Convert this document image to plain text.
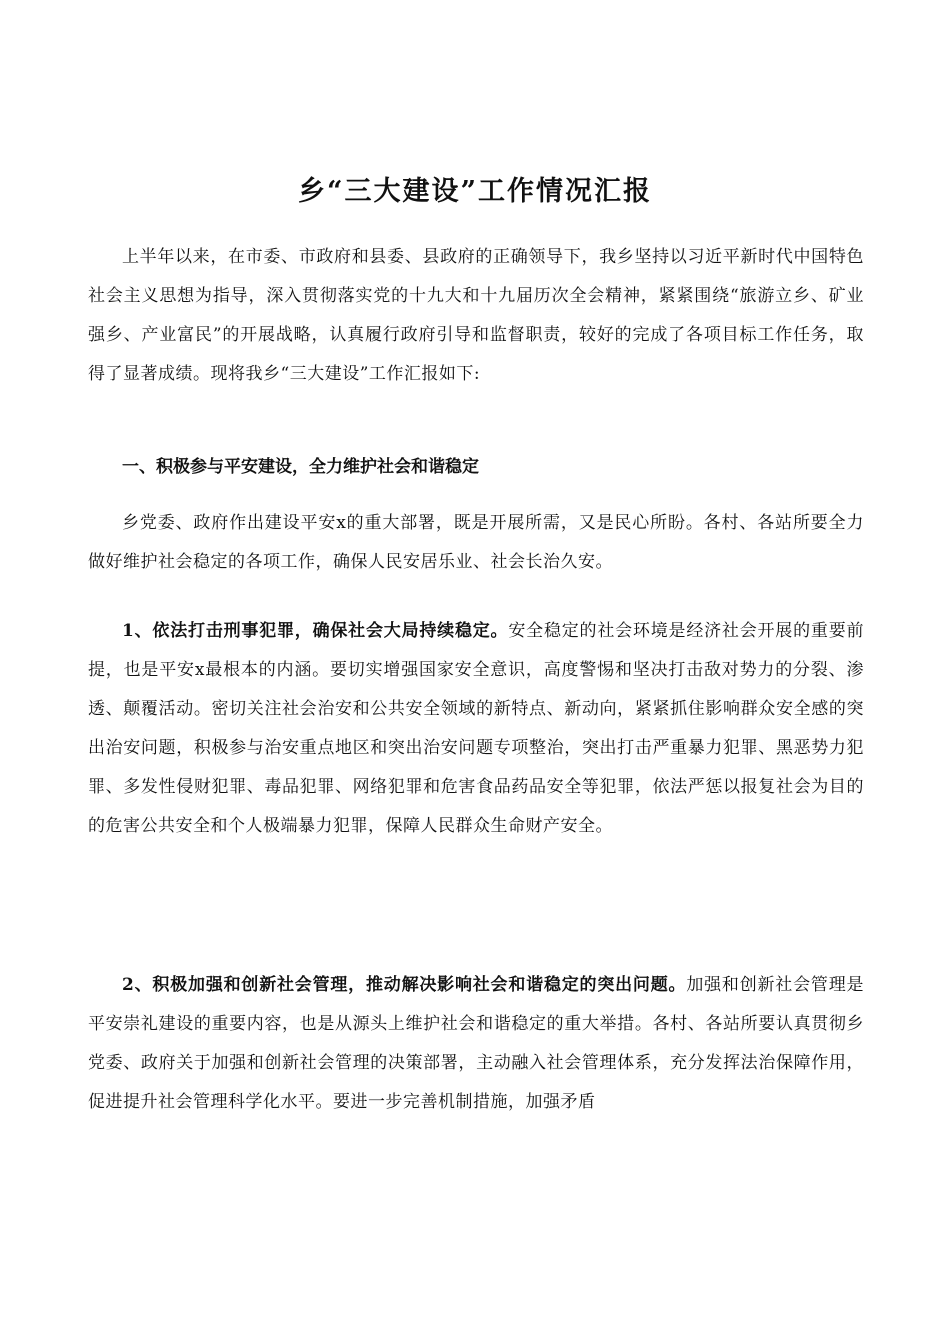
乡“三大建设”工作情况汇报

上半年以来，在市委、市政府和县委、县政府的正确领导下，我乡坚持以习近平新时代中国特色社会主义思想为指导，深入贯彻落实党的十九大和十九届历次全会精神，紧紧围绕“旅游立乡、矿业强乡、产业富民”的开展战略，认真履行政府引导和监督职责，较好的完成了各项目标工作任务，取得了显著成绩。现将我乡“三大建设”工作汇报如下:

一、积极参与平安建设，全力维护社会和谐稳定

乡党委、政府作出建设平安x的重大部署，既是开展所需，又是民心所盼。各村、各站所要全力做好维护社会稳定的各项工作，确保人民安居乐业、社会长治久安。

1、依法打击刑事犯罪，确保社会大局持续稳定。安全稳定的社会环境是经济社会开展的重要前提，也是平安x最根本的内涵。要切实增强国家安全意识，高度警惕和坚决打击敌对势力的分裂、渗透、颠覆活动。密切关注社会治安和公共安全领域的新特点、新动向，紧紧抓住影响群众安全感的突出治安问题，积极参与治安重点地区和突出治安问题专项整治，突出打击严重暴力犯罪、黑恶势力犯罪、多发性侵财犯罪、毒品犯罪、网络犯罪和危害食品药品安全等犯罪，依法严惩以报复社会为目的的危害公共安全和个人极端暴力犯罪，保障人民群众生命财产安全。

2、积极加强和创新社会管理，推动解决影响社会和谐稳定的突出问题。加强和创新社会管理是平安崇礼建设的重要内容，也是从源头上维护社会和谐稳定的重大举措。各村、各站所要认真贯彻乡党委、政府关于加强和创新社会管理的决策部署，主动融入社会管理体系，充分发挥法治保障作用，促进提升社会管理科学化水平。要进一步完善机制措施，加强矛盾
